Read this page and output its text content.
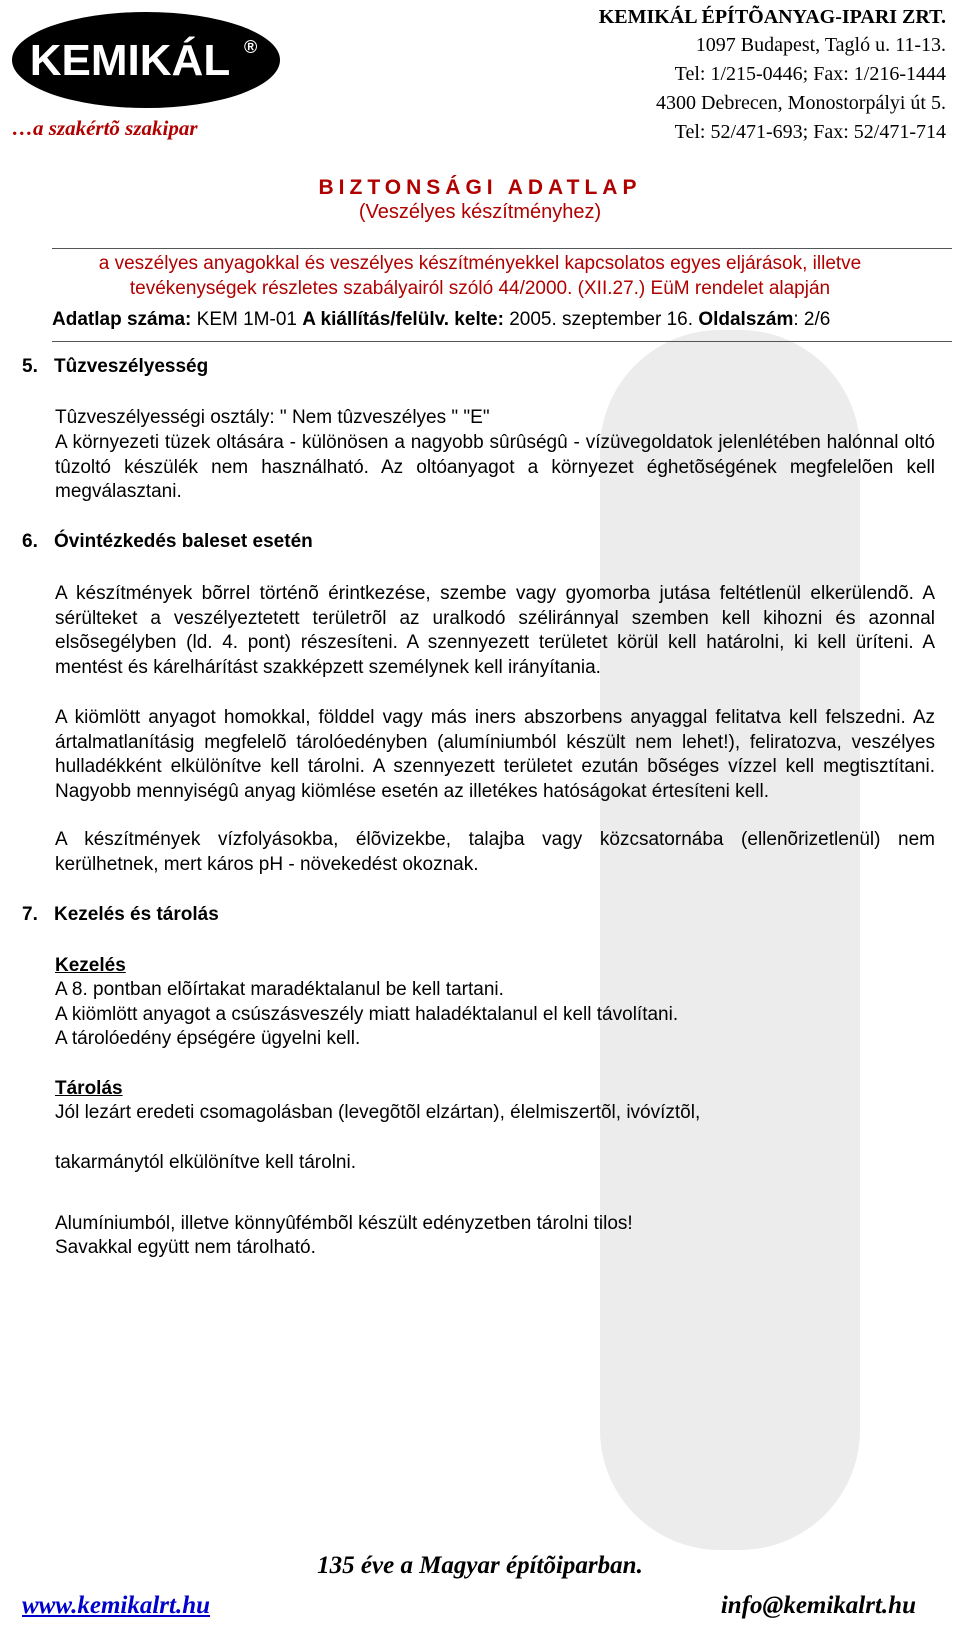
KEMIKÁL ®
…a szakértõ szakipar
KEMIKÁL ÉPÍTÕANYAG-IPARI ZRT.
1097 Budapest, Tagló u. 11-13.
Tel: 1/215-0446; Fax: 1/216-1444
4300 Debrecen, Monostorpályi út 5.
Tel: 52/471-693; Fax: 52/471-714
BIZTONSÁGI ADATLAP
(Veszélyes készítményhez)
a veszélyes anyagokkal és veszélyes készítményekkel kapcsolatos egyes eljárások, illetve
tevékenységek részletes szabályairól szóló 44/2000. (XII.27.) EüM rendelet alapján
Adatlap száma: KEM 1M-01 A kiállítás/felülv. kelte: 2005. szeptember 16. Oldalszám: 2/6
5. Tûzveszélyesség
Tûzveszélyességi osztály: " Nem tûzveszélyes " "E"
A környezeti tüzek oltására - különösen a nagyobb sûrûségû - vízüvegoldatok jelenlétében halónnal oltó tûzoltó készülék nem használható. Az oltóanyagot a környezet éghetõségének megfelelõen kell megválasztani.
6. Óvintézkedés baleset esetén
A készítmények bõrrel történõ érintkezése, szembe vagy gyomorba jutása feltétlenül elkerülendõ. A sérülteket a veszélyeztetett területrõl az uralkodó széliránnyal szemben kell kihozni és azonnal elsõsegélyben (ld. 4. pont) részesíteni. A szennyezett területet körül kell határolni, ki kell üríteni. A mentést és kárelhárítást szakképzett személynek kell irányítania.
A kiömlött anyagot homokkal, földdel vagy más iners abszorbens anyaggal felitatva kell felszedni. Az ártalmatlanításig megfelelõ tárolóedényben (alumíniumból készült nem lehet!), feliratozva, veszélyes hulladékként elkülönítve kell tárolni. A szennyezett területet ezután bõséges vízzel kell megtisztítani. Nagyobb mennyiségû anyag kiömlése esetén az illetékes hatóságokat értesíteni kell.
A készítmények vízfolyásokba, élõvizekbe, talajba vagy közcsatornába (ellenõrizetlenül) nem kerülhetnek, mert káros pH - növekedést okoznak.
7. Kezelés és tárolás
Kezelés
A 8. pontban elõírtakat maradéktalanul be kell tartani.
A kiömlött anyagot a csúszásveszély miatt haladéktalanul el kell távolítani.
A tárolóedény épségére ügyelni kell.
Tárolás
Jól lezárt eredeti csomagolásban (levegõtõl elzártan), élelmiszertõl, ivóvíztõl,
takarmánytól elkülönítve kell tárolni.
Alumíniumból, illetve könnyûfémbõl készült edényzetben tárolni tilos!
Savakkal együtt nem tárolható.
135 éve a Magyar építõiparban.
www.kemikalrt.hu	info@kemikalrt.hu
